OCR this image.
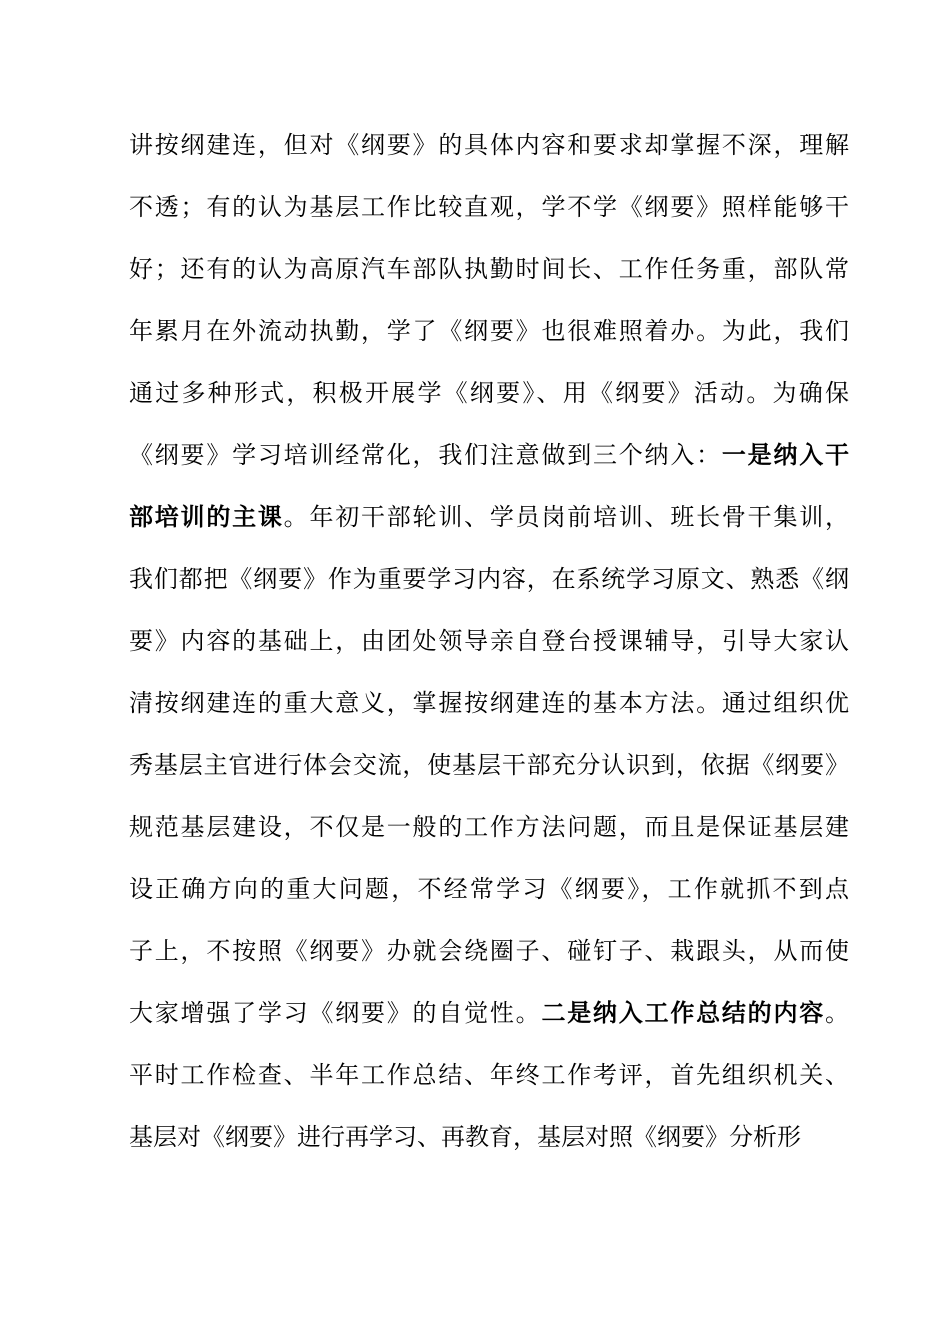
讲按纲建连，但对《纲要》的具体内容和要求却掌握不深，理解
不透；有的认为基层工作比较直观，学不学《纲要》照样能够干
好；还有的认为高原汽车部队执勤时间长、工作任务重，部队常
年累月在外流动执勤，学了《纲要》也很难照着办。为此，我们
通过多种形式，积极开展学《纲要》、用《纲要》活动。为确保
《纲要》学习培训经常化，我们注意做到三个纳入：一是纳入干
部培训的主课。年初干部轮训、学员岗前培训、班长骨干集训，
我们都把《纲要》作为重要学习内容，在系统学习原文、熟悉《纲
要》内容的基础上，由团处领导亲自登台授课辅导，引导大家认
清按纲建连的重大意义，掌握按纲建连的基本方法。通过组织优
秀基层主官进行体会交流，使基层干部充分认识到，依据《纲要》
规范基层建设，不仅是一般的工作方法问题，而且是保证基层建
设正确方向的重大问题，不经常学习《纲要》，工作就抓不到点
子上，不按照《纲要》办就会绕圈子、碰钉子、栽跟头，从而使
大家增强了学习《纲要》的自觉性。二是纳入工作总结的内容。
平时工作检查、半年工作总结、年终工作考评，首先组织机关、
基层对《纲要》进行再学习、再教育，基层对照《纲要》分析形
